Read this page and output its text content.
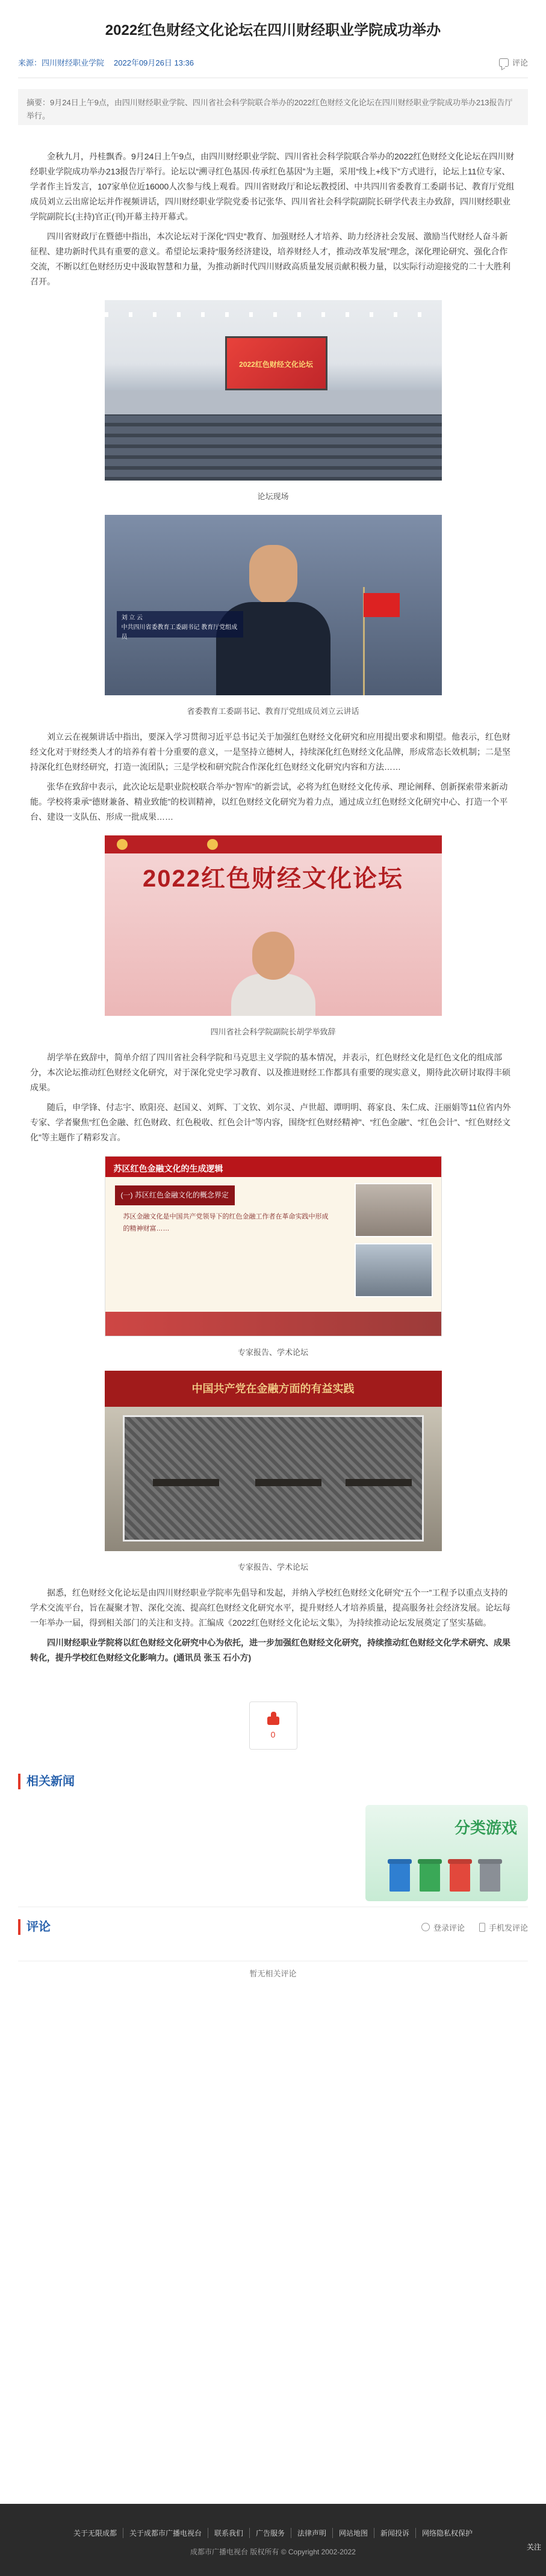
2022红色财经文化论坛在四川财经职业学院成功举办
来源： 四川财经职业学院 2022年09月26日 13:36	评论
摘要：9月24日上午9点，由四川财经职业学院、四川省社会科学院联合举办的2022红色财经文化论坛在四川财经职业学院成功举办213报告厅举行。

金秋九月，丹桂飘香。9月24日上午9点，由四川财经职业学院、四川省社会科学院联合举办的2022红色财经文化论坛在四川财经职业学院成功举办213报告厅举行。论坛以“溯寻红色基因·传承红色基因”为主题，采用“线上+线下”方式进行，论坛上11位专家、学者作主旨发言，107家单位近16000人次参与线上观看。四川省财政厅和论坛教授团、中共四川省委教育工委副书记、教育厅党组成员刘立云出席论坛并作视频讲话，四川财经职业学院党委书记张华、四川省社会科学院副院长研学代表主办致辞，四川财经职业学院副院长(主持)官正(刊)开幕主持开幕式。

四川省财政厅在暨德中指出，本次论坛对于深化“四史”教育、加强财经人才培养、助力经济社会发展、激励当代财经人奋斗新征程、建功新时代具有重要的意义。希望论坛秉持“服务经济建设，培养财经人才，推动改革发展”理念，深化理论研究、强化合作交流，不断以红色财经历史中汲取智慧和力量，为推动新时代四川财政高质量发展贡献积极力量，以实际行动迎接党的二十大胜利召开。

2022红色财经文化论坛
论坛现场
刘 立 云
中共四川省委教育工委副书记 教育厅党组成员
省委教育工委副书记、教育厅党组成员刘立云讲话

刘立云在视频讲话中指出，要深入学习贯彻习近平总书记关于加强红色财经文化研究和应用提出要求和期望。他表示，红色财经文化对于财经类人才的培养有着十分重要的意义，一是坚持立德树人，持续深化红色财经文化品牌，形成常态长效机制；二是坚持深化红色财经研究，打造一流团队；三是学校和研究院合作深化红色财经文化研究内容和方法……

张华在致辞中表示，此次论坛是职业院校联合举办“智库”的新尝试，必将为红色财经文化传承、理论阐释、创新探索带来新动能。学校将秉承“德财兼备、精业致能”的校训精神，以红色财经文化研究为着力点，通过成立红色财经文化研究中心、打造一个平台、建设一支队伍、形成一批成果……

2022红色财经文化论坛
四川省社会科学院副院长胡学举致辞

胡学举在致辞中，简单介绍了四川省社会科学院和马克思主义学院的基本情况，并表示，红色财经文化是红色文化的组成部分，本次论坛推动红色财经文化研究，对于深化党史学习教育、以及推进财经工作都具有重要的现实意义，期待此次研讨取得丰硕成果。

随后，申学锋、付志宇、欧阳亮、赵国义、刘辉、丁文钦、刘尔灵、卢世超、谭明明、蒋家良、朱仁成、汪丽娟等11位省内外专家、学者聚焦“红色金融、红色财政、红色税收、红色会计”等内容，围绕“红色财经精神”、“红色金融”、“红色会计”、“红色财经文化”等主题作了精彩发言。

苏区红色金融文化的生成逻辑
(一) 苏区红色金融文化的概念界定
苏区金融文化是中国共产党领导下的红色金融工作者在革命实践中形成的精神财富……
专家报告、学术论坛
中国共产党在金融方面的有益实践
专家报告、学术论坛

据悉，红色财经文化论坛是由四川财经职业学院率先倡导和发起，并纳入学校红色财经文化研究“五个一”工程予以重点支持的学术交流平台，旨在凝聚才智、深化交流、提高红色财经文化研究水平，提升财经人才培养质量，提高服务社会经济发展。论坛每一年举办一届，得到相关部门的关注和支持。汇编成《2022红色财经文化论坛文集》，为持续推动论坛发展奠定了坚实基础。

四川财经职业学院将以红色财经文化研究中心为依托，进一步加强红色财经文化研究，持续推动红色财经文化学术研究、成果转化，提升学校红色财经文化影响力。(通讯员 张玉 石小方)

0
相关新闻
分类游戏
评论	登录评论	手机发评论
暂无相关评论
关于无限成都	关于成都市广播电视台	联系我们	广告服务	法律声明	网站地图	新闻投诉	网络隐私权保护
成都市广播电视台 版权所有 © Copyright 2002-2022
关注
